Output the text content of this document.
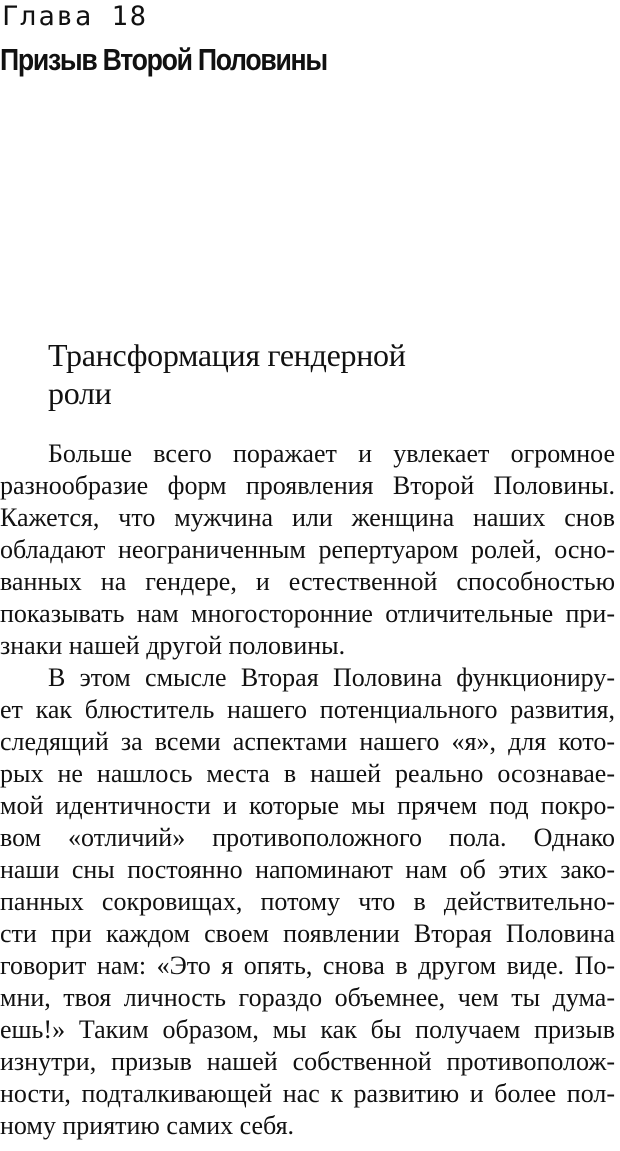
Глава 18
Призыв Второй Половины
Трансформация гендерной
роли
Больше всего поражает и увлекает огромное
разнообразие форм проявления Второй Половины.
Кажется, что мужчина или женщина наших снов
обладают неограниченным репертуаром ролей, осно-
ванных на гендере, и естественной способностью
показывать нам многосторонние отличительные при-
знаки нашей другой половины.
В этом смысле Вторая Половина функциониру-
ет как блюститель нашего потенциального развития,
следящий за всеми аспектами нашего «я», для кото-
рых не нашлось места в нашей реально осознавае-
мой идентичности и которые мы прячем под покро-
вом «отличий» противоположного пола. Однако
наши сны постоянно напоминают нам об этих зако-
панных сокровищах, потому что в действительно-
сти при каждом своем появлении Вторая Половина
говорит нам: «Это я опять, снова в другом виде. По-
мни, твоя личность гораздо объемнее, чем ты дума-
ешь!» Таким образом, мы как бы получаем призыв
изнутри, призыв нашей собственной противополож-
ности, подталкивающей нас к развитию и более пол-
ному приятию самих себя.
